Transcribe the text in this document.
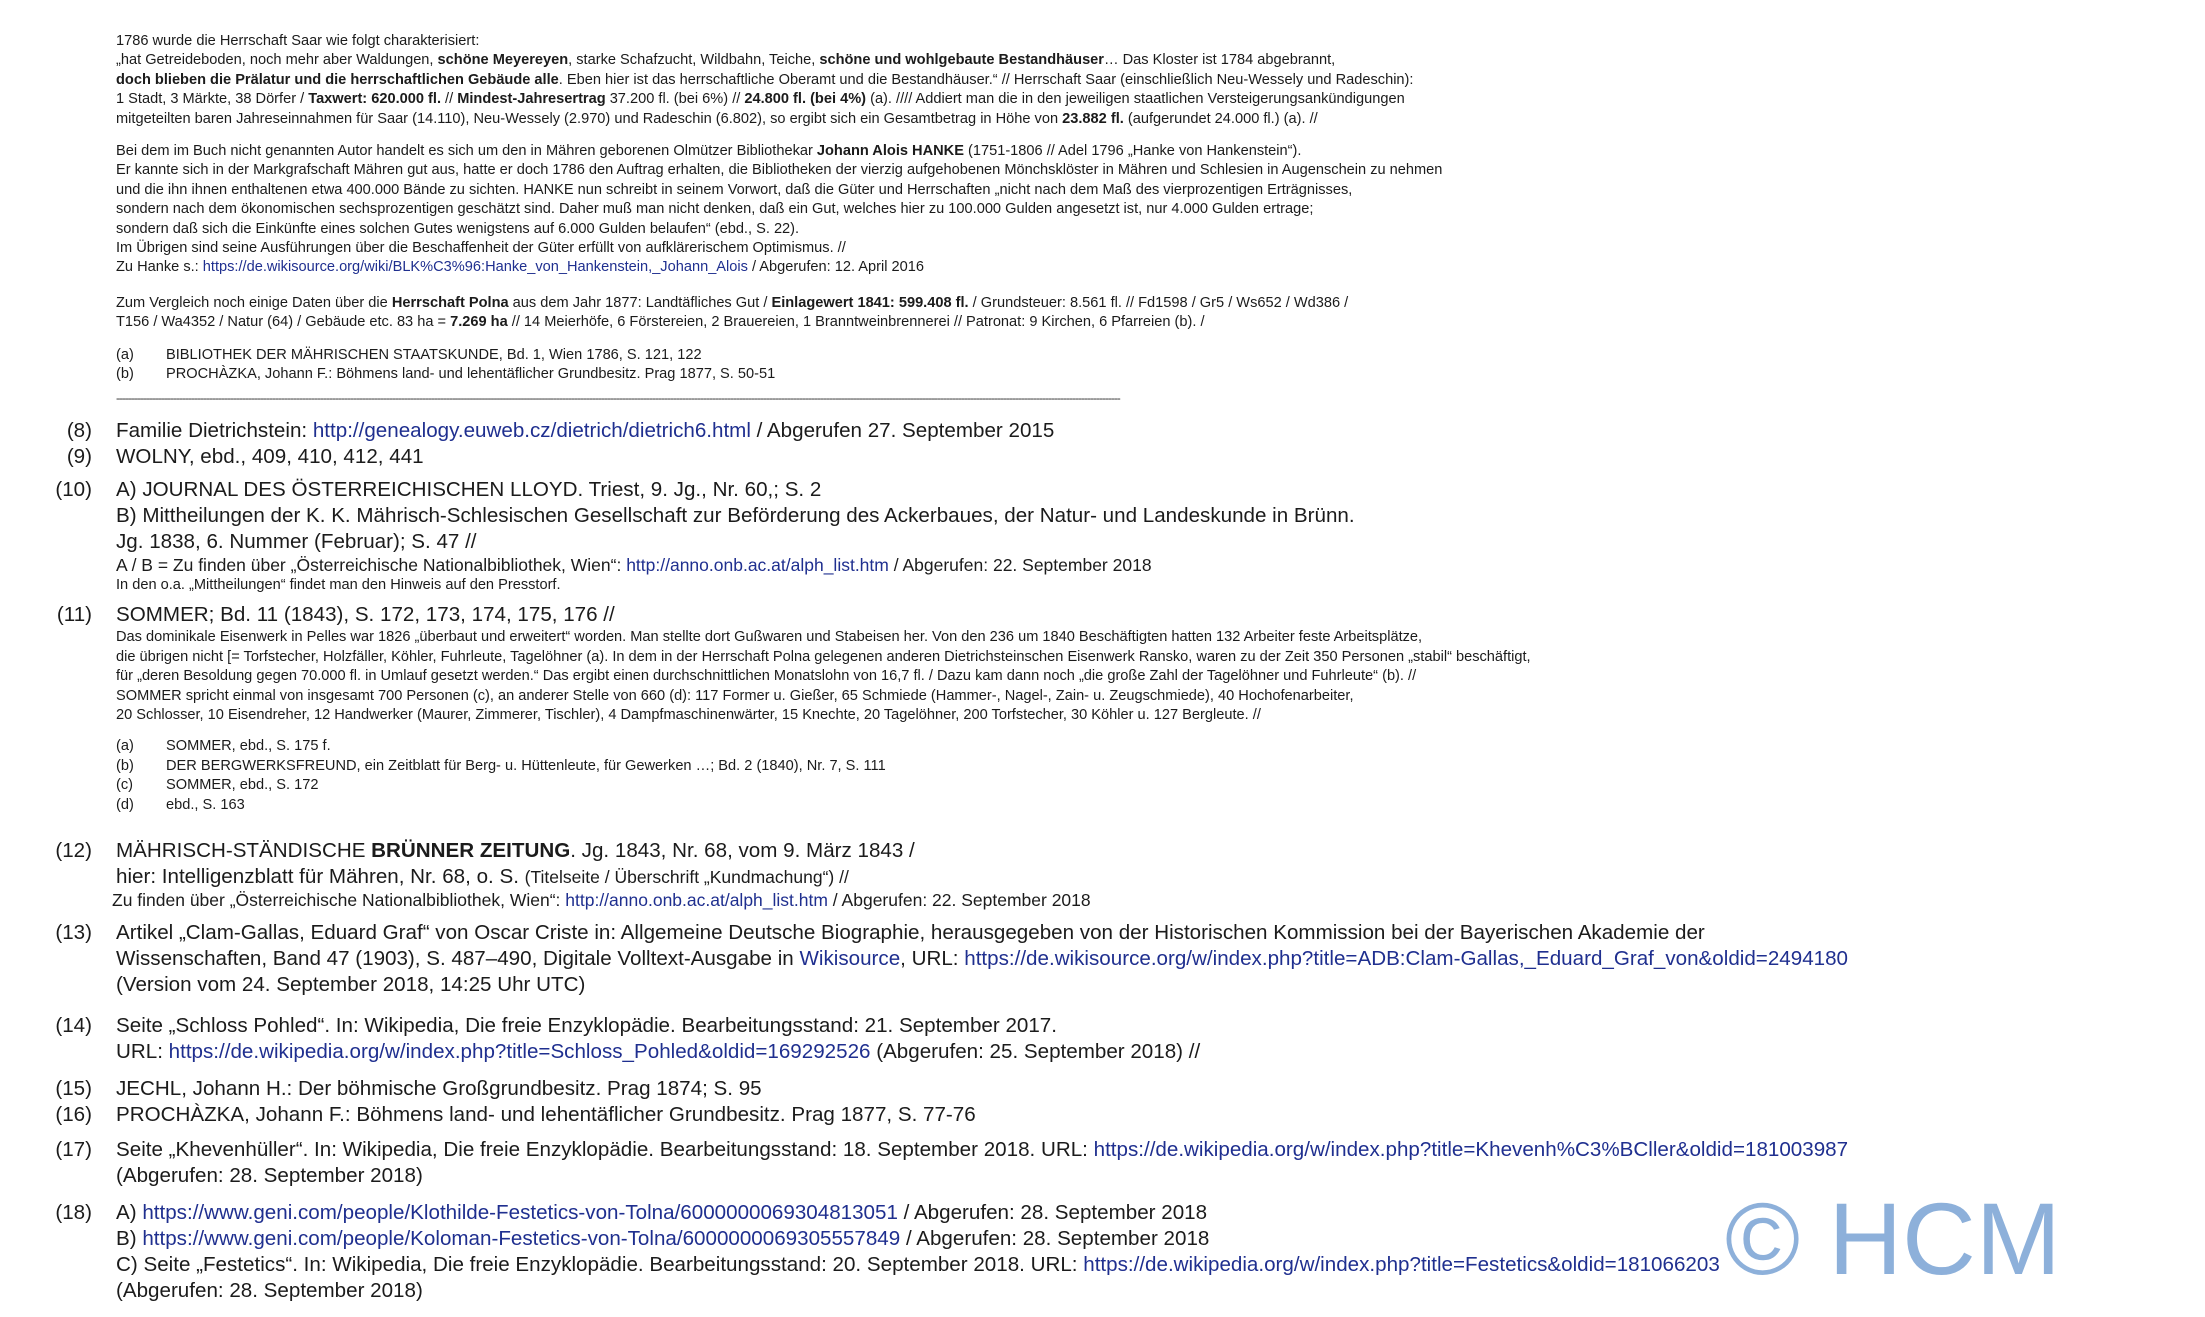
1786 wurde die Herrschaft Saar wie folgt charakterisiert:

„hat Getreideboden, noch mehr aber Waldungen, schöne Meyereyen, starke Schafzucht, Wildbahn, Teiche, schöne und wohlgebaute Bestandhäuser… Das Kloster ist 1784 abgebrannt,

doch blieben die Prälatur und die herrschaftlichen Gebäude alle. Eben hier ist das herrschaftliche Oberamt und die Bestandhäuser.“ // Herrschaft Saar (einschließlich Neu-Wessely und Radeschin):

1 Stadt, 3 Märkte, 38 Dörfer / Taxwert: 620.000 fl. // Mindest-Jahresertrag 37.200 fl. (bei 6%) // 24.800 fl. (bei 4%) (a). //// Addiert man die in den jeweiligen staatlichen Versteigerungsankündigungen

mitgeteilten baren Jahreseinnahmen für Saar (14.110), Neu-Wessely (2.970) und Radeschin (6.802), so ergibt sich ein Gesamtbetrag in Höhe von 23.882 fl. (aufgerundet 24.000 fl.) (a). //

Bei dem im Buch nicht genannten Autor handelt es sich um den in Mähren geborenen Olmützer Bibliothekar Johann Alois HANKE (1751-1806 // Adel 1796 „Hanke von Hankenstein“).

Er kannte sich in der Markgrafschaft Mähren gut aus, hatte er doch 1786 den Auftrag erhalten, die Bibliotheken der vierzig aufgehobenen Mönchsklöster in Mähren und Schlesien in Augenschein zu nehmen

und die ihn ihnen enthaltenen etwa 400.000 Bände zu sichten. HANKE nun schreibt in seinem Vorwort, daß die Güter und Herrschaften „nicht nach dem Maß des vierprozentigen Erträgnisses,

sondern nach dem ökonomischen sechsprozentigen geschätzt sind. Daher muß man nicht denken, daß ein Gut, welches hier zu 100.000 Gulden angesetzt ist, nur 4.000 Gulden ertrage;

sondern daß sich die Einkünfte eines solchen Gutes wenigstens auf 6.000 Gulden belaufen“ (ebd., S. 22).

Im Übrigen sind seine Ausführungen über die Beschaffenheit der Güter erfüllt von aufklärerischem Optimismus. //

Zu Hanke s.: https://de.wikisource.org/wiki/BLK%C3%96:Hanke_von_Hankenstein,_Johann_Alois / Abgerufen: 12. April 2016

Zum Vergleich noch einige Daten über die Herrschaft Polna aus dem Jahr 1877: Landtäfliches Gut / Einlagewert 1841: 599.408 fl. / Grundsteuer: 8.561 fl. // Fd1598 / Gr5 / Ws652 / Wd386 /

T156 / Wa4352 / Natur (64) / Gebäude etc. 83 ha = 7.269 ha // 14 Meierhöfe, 6 Förstereien, 2 Brauereien, 1 Branntweinbrennerei // Patronat: 9 Kirchen, 6 Pfarreien (b). /

(a)	BIBLIOTHEK DER MÄHRISCHEN STAATSKUNDE, Bd. 1, Wien 1786, S. 121, 122
(b)	PROCHÀZKA, Johann F.: Böhmens land- und lehentäflicher Grundbesitz. Prag 1877, S. 50-51
-----------------------------------------------------------------------------------------------------------------------------------------------------------------------------------------------------------------------------------------------------------------------------------------------------------------------------------------------
(8) Familie Dietrichstein: http://genealogy.euweb.cz/dietrich/dietrich6.html / Abgerufen 27. September 2015

(9) WOLNY, ebd., 409, 410, 412, 441

(10) A) JOURNAL DES ÖSTERREICHISCHEN LLOYD. Triest, 9. Jg., Nr. 60,; S. 2

B) Mittheilungen der K. K. Mährisch-Schlesischen Gesellschaft zur Beförderung des Ackerbaues, der Natur- und Landeskunde in Brünn.

Jg. 1838, 6. Nummer (Februar); S. 47 //

A / B = Zu finden über „Österreichische Nationalbibliothek, Wien“: http://anno.onb.ac.at/alph_list.htm / Abgerufen: 22. September 2018

In den o.a. „Mittheilungen“ findet man den Hinweis auf den Presstorf.

(11) SOMMER; Bd. 11 (1843), S. 172, 173, 174, 175, 176 //

Das dominikale Eisenwerk in Pelles war 1826 „überbaut und erweitert“ worden. Man stellte dort Gußwaren und Stabeisen her. Von den 236 um 1840 Beschäftigten hatten 132 Arbeiter feste Arbeitsplätze,

die übrigen nicht [= Torfstecher, Holzfäller, Köhler, Fuhrleute, Tagelöhner (a). In dem in der Herrschaft Polna gelegenen anderen Dietrichsteinschen Eisenwerk Ransko, waren zu der Zeit 350 Personen „stabil“ beschäftigt,

für „deren Besoldung gegen 70.000 fl. in Umlauf gesetzt werden.“ Das ergibt einen durchschnittlichen Monatslohn von 16,7 fl. / Dazu kam dann noch „die große Zahl der Tagelöhner und Fuhrleute“ (b). //

SOMMER spricht einmal von insgesamt 700 Personen (c), an anderer Stelle von 660 (d): 117 Former u. Gießer, 65 Schmiede (Hammer-, Nagel-, Zain- u. Zeugschmiede), 40 Hochofenarbeiter,

20 Schlosser, 10 Eisendreher, 12 Handwerker (Maurer, Zimmerer, Tischler), 4 Dampfmaschinenwärter, 15 Knechte, 20 Tagelöhner, 200 Torfstecher, 30 Köhler u. 127 Bergleute. //

(a)	SOMMER, ebd., S. 175 f.
(b)	DER BERGWERKSFREUND, ein Zeitblatt für Berg- u. Hüttenleute, für Gewerken …; Bd. 2 (1840), Nr. 7, S. 111
(c)	SOMMER, ebd., S. 172
(d)	ebd., S. 163
(12) MÄHRISCH-STÄNDISCHE BRÜNNER ZEITUNG. Jg. 1843, Nr. 68, vom 9. März 1843 /

hier: Intelligenzblatt für Mähren, Nr. 68, o. S. (Titelseite / Überschrift „Kundmachung“) //

Zu finden über „Österreichische Nationalbibliothek, Wien“: http://anno.onb.ac.at/alph_list.htm / Abgerufen: 22. September 2018

(13) Artikel „Clam-Gallas, Eduard Graf“ von Oscar Criste in: Allgemeine Deutsche Biographie, herausgegeben von der Historischen Kommission bei der Bayerischen Akademie der

Wissenschaften, Band 47 (1903), S. 487–490, Digitale Volltext-Ausgabe in Wikisource, URL: https://de.wikisource.org/w/index.php?title=ADB:Clam-Gallas,_Eduard_Graf_von&oldid=2494180

(Version vom 24. September 2018, 14:25 Uhr UTC)

(14) Seite „Schloss Pohled“. In: Wikipedia, Die freie Enzyklopädie. Bearbeitungsstand: 21. September 2017.

URL: https://de.wikipedia.org/w/index.php?title=Schloss_Pohled&oldid=169292526 (Abgerufen: 25. September 2018) //

(15) JECHL, Johann H.: Der böhmische Großgrundbesitz. Prag 1874; S. 95

(16) PROCHÀZKA, Johann F.: Böhmens land- und lehentäflicher Grundbesitz. Prag 1877, S. 77-76

(17) Seite „Khevenhüller“. In: Wikipedia, Die freie Enzyklopädie. Bearbeitungsstand: 18. September 2018. URL: https://de.wikipedia.org/w/index.php?title=Khevenh%C3%BCller&oldid=181003987

(Abgerufen: 28. September 2018)

(18) A) https://www.geni.com/people/Klothilde-Festetics-von-Tolna/6000000069304813051 / Abgerufen: 28. September 2018

B) https://www.geni.com/people/Koloman-Festetics-von-Tolna/6000000069305557849 / Abgerufen: 28. September 2018

C) Seite „Festetics“. In: Wikipedia, Die freie Enzyklopädie. Bearbeitungsstand: 20. September 2018. URL: https://de.wikipedia.org/w/index.php?title=Festetics&oldid=181066203

(Abgerufen: 28. September 2018)	© HCM
